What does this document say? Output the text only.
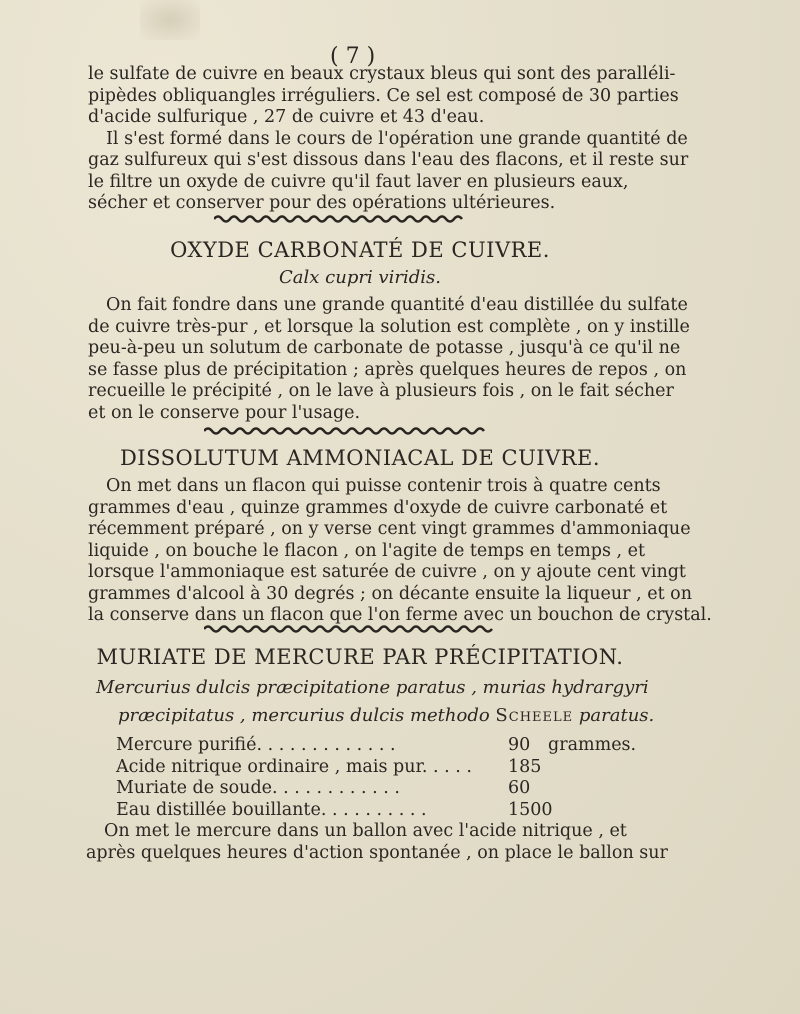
( 7 )
le sulfate de cuivre en beaux crystaux bleus qui sont des paralléli-
pipèdes obliquangles irréguliers. Ce sel est composé de 30 parties
d'acide sulfurique , 27 de cuivre et 43 d'eau.
Il s'est formé dans le cours de l'opération une grande quantité de
gaz sulfureux qui s'est dissous dans l'eau des flacons, et il reste sur
le filtre un oxyde de cuivre qu'il faut laver en plusieurs eaux,
sécher et conserver pour des opérations ultérieures.
OXYDE CARBONATÉ DE CUIVRE.
Calx cupri viridis.
On fait fondre dans une grande quantité d'eau distillée du sulfate
de cuivre très-pur , et lorsque la solution est complète , on y instille
peu-à-peu un solutum de carbonate de potasse , jusqu'à ce qu'il ne
se fasse plus de précipitation ; après quelques heures de repos , on
recueille le précipité , on le lave à plusieurs fois , on le fait sécher
et on le conserve pour l'usage.
DISSOLUTUM AMMONIACAL DE CUIVRE.
On met dans un flacon qui puisse contenir trois à quatre cents
grammes d'eau , quinze grammes d'oxyde de cuivre carbonaté et
récemment préparé , on y verse cent vingt grammes d'ammoniaque
liquide , on bouche le flacon , on l'agite de temps en temps , et
lorsque l'ammoniaque est saturée de cuivre , on y ajoute cent vingt
grammes d'alcool à 30 degrés ; on décante ensuite la liqueur , et on
la conserve dans un flacon que l'on ferme avec un bouchon de crystal.
MURIATE DE MERCURE PAR PRÉCIPITATION.
Mercurius dulcis præcipitatione paratus , murias hydrargyri
præcipitatus , mercurius dulcis methodo Scheele paratus.
Mercure purifié. . . . . . . . . . . . .	90 grammes.
Acide nitrique ordinaire , mais pur. . . . . 185
Muriate de soude. . . . . . . . . . . .	60
Eau distillée bouillante. . . . . . . . . .	1500
On met le mercure dans un ballon avec l'acide nitrique , et
après quelques heures d'action spontanée , on place le ballon sur
